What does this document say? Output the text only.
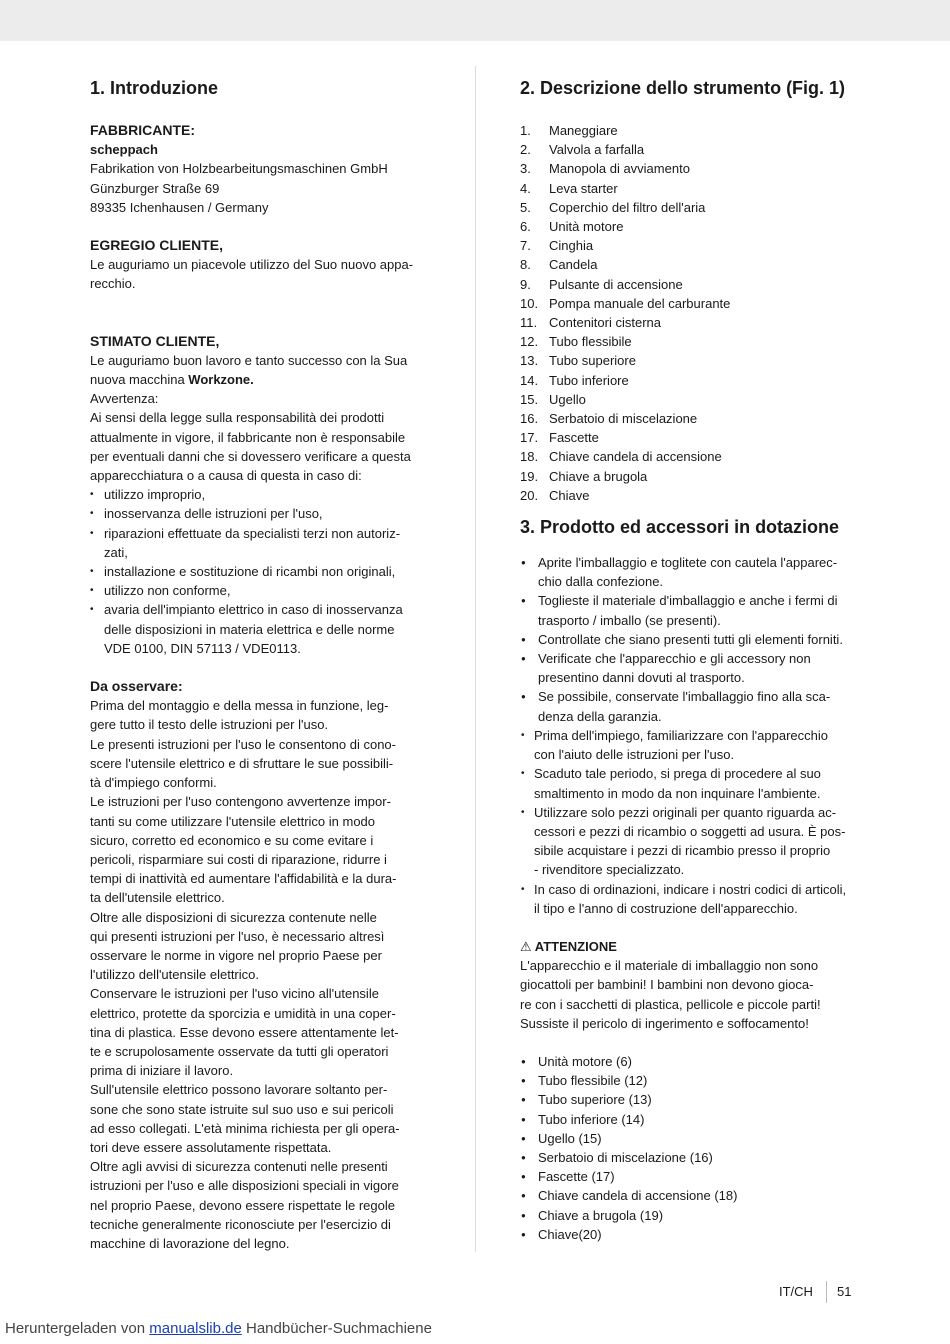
1. Introduzione
FABBRICANTE:

scheppach

Fabrikation von Holzbearbeitungsmaschinen GmbH

Günzburger Straße 69

89335 Ichenhausen / Germany

EGREGIO CLIENTE,

Le auguriamo un piacevole utilizzo del Suo nuovo appa-

recchio.

STIMATO CLIENTE,

Le auguriamo buon lavoro e tanto successo con la Sua

nuova macchina Workzone.

Avvertenza:

Ai sensi della legge sulla responsabilità dei prodotti

attualmente in vigore, il fabbricante non è responsabile

per eventuali danni che si dovessero verificare a questa

apparecchiatura o a causa di questa in caso di:

• utilizzo improprio,
• inosservanza delle istruzioni per l'uso,
• riparazioni effettuate da specialisti terzi non autoriz-
zati,
• installazione e sostituzione di ricambi non originali,
• utilizzo non conforme,
• avaria dell'impianto elettrico in caso di inosservanza
delle disposizioni in materia elettrica e delle norme
VDE 0100, DIN 57113 / VDE0113.
Da osservare:

Prima del montaggio e della messa in funzione, leg-

gere tutto il testo delle istruzioni per l'uso.

Le presenti istruzioni per l'uso le consentono di cono-

scere l'utensile elettrico e di sfruttare le sue possibili-

tà d'impiego conformi.

Le istruzioni per l'uso contengono avvertenze impor-

tanti su come utilizzare l'utensile elettrico in modo

sicuro, corretto ed economico e su come evitare i

pericoli, risparmiare sui costi di riparazione, ridurre i

tempi di inattività ed aumentare l'affidabilità e la dura-

ta dell'utensile elettrico.

Oltre alle disposizioni di sicurezza contenute nelle

qui presenti istruzioni per l'uso, è necessario altresì

osservare le norme in vigore nel proprio Paese per

l'utilizzo dell'utensile elettrico.

Conservare le istruzioni per l'uso vicino all'utensile

elettrico, protette da sporcizia e umidità in una coper-

tina di plastica. Esse devono essere attentamente let-

te e scrupolosamente osservate da tutti gli operatori

prima di iniziare il lavoro.

Sull'utensile elettrico possono lavorare soltanto per-

sone che sono state istruite sul suo uso e sui pericoli

ad esso collegati. L'età minima richiesta per gli opera-

tori deve essere assolutamente rispettata.

Oltre agli avvisi di sicurezza contenuti nelle presenti

istruzioni per l'uso e alle disposizioni speciali in vigore

nel proprio Paese, devono essere rispettate le regole

tecniche generalmente riconosciute per l'esercizio di

macchine di lavorazione del legno.

2. Descrizione dello strumento (Fig. 1)
1.	Maneggiare
2.	Valvola a farfalla
3.	Manopola di avviamento
4.	Leva starter
5.	Coperchio del filtro dell'aria
6.	Unità motore
7.	Cinghia
8.	Candela
9.	Pulsante di accensione
10. Pompa manuale del carburante
11. Contenitori cisterna
12. Tubo flessibile
13. Tubo superiore
14. Tubo inferiore
15. Ugello
16. Serbatoio di miscelazione
17. Fascette
18. Chiave candela di accensione
19. Chiave a brugola
20. Chiave
3. Prodotto ed accessori in dotazione
● Aprite l'imballaggio e toglitete con cautela l'apparec-
chio dalla confezione.
● Toglieste il materiale d'imballaggio e anche i fermi di
trasporto / imballo (se presenti).
● Controllate che siano presenti tutti gli elementi forniti.
● Verificate che l'apparecchio e gli accessory non
presentino danni dovuti al trasporto.
● Se possibile, conservate l'imballaggio fino alla sca-
denza della garanzia.
• Prima dell'impiego, familiarizzare con l'apparecchio
con l'aiuto delle istruzioni per l'uso.
• Scaduto tale periodo, si prega di procedere al suo
smaltimento in modo da non inquinare l'ambiente.
• Utilizzare solo pezzi originali per quanto riguarda ac-
cessori e pezzi di ricambio o soggetti ad usura. È pos-
sibile acquistare i pezzi di ricambio presso il proprio
- rivenditore specializzato.
• In caso di ordinazioni, indicare i nostri codici di articoli,
il tipo e l'anno di costruzione dell'apparecchio.

⚠ ATTENZIONE

L'apparecchio e il materiale di imballaggio non sono

giocattoli per bambini! I bambini non devono gioca-

re con i sacchetti di plastica, pellicole e piccole parti!

Sussiste il pericolo di ingerimento e soffocamento!

● Unità motore (6)
● Tubo flessibile (12)
● Tubo superiore (13)
● Tubo inferiore (14)
● Ugello (15)
● Serbatoio di miscelazione (16)
● Fascette (17)
● Chiave candela di accensione (18)
● Chiave a brugola (19)
● Chiave(20)
IT/CH 51
Heruntergeladen von manualslib.de Handbücher-Suchmachiene
